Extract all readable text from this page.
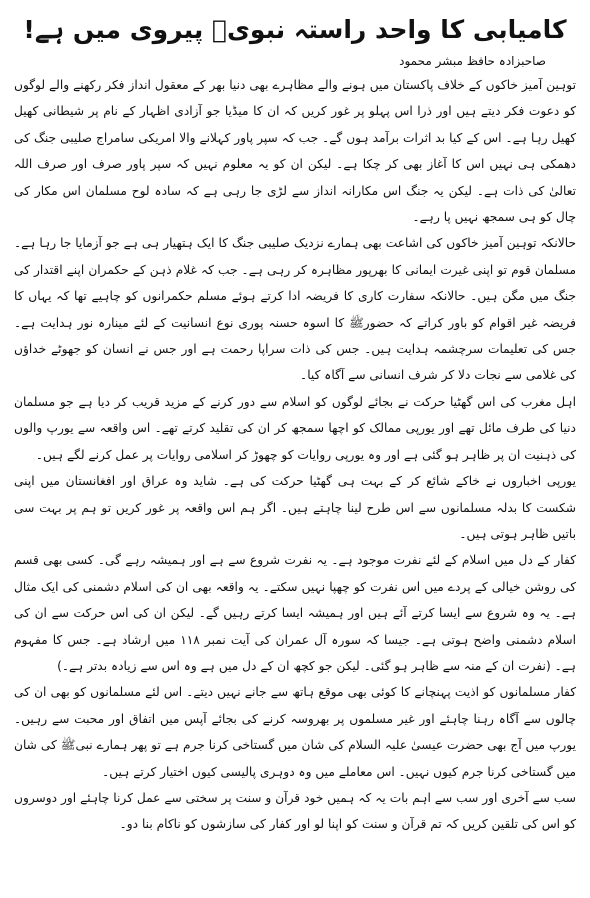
کامیابی کا واحد راستہ نبویؐ پیروی میں ہے!
صاحبزادہ حافظ مبشر محمود

توہین آمیز خاکوں کے خلاف پاکستان میں ہونے والے مظاہرے بھی دنیا بھر کے معقول انداز فکر رکھنے والے لوگوں کو دعوت فکر دیتے ہیں اور ذرا اس پہلو پر غور کریں کہ ان کا میڈیا جو آزادی اظہار کے نام پر شیطانی کھیل کھیل رہا ہے۔ اس کے کیا بد اثرات برآمد ہوں گے۔ جب کہ سپر پاور کہلانے والا امریکی سامراج صلیبی جنگ کی دھمکی ہی نہیں اس کا آغاز بھی کر چکا ہے۔ لیکن ان کو یہ معلوم نہیں کہ سپر پاور صرف اور صرف اللہ تعالیٰ کی ذات ہے۔ لیکن یہ جنگ اس مکارانہ انداز سے لڑی جا رہی ہے کہ سادہ لوح مسلمان اس مکار کی چال کو ہی سمجھ نہیں پا رہے۔

حالانکہ توہین آمیز خاکوں کی اشاعت بھی ہمارے نزدیک صلیبی جنگ کا ایک ہتھیار ہی ہے جو آزمایا جا رہا ہے۔ مسلمان قوم تو اپنی غیرت ایمانی کا بھرپور مظاہرہ کر رہی ہے۔ جب کہ غلام ذہن کے حکمران اپنے اقتدار کی جنگ میں مگن ہیں۔ حالانکہ سفارت کاری کا فریضہ ادا کرتے ہوئے مسلم حکمرانوں کو چاہیے تھا کہ یہاں کا فریضہ غیر اقوام کو باور کراتے کہ حضورﷺ کا اسوہ حسنہ پوری نوع انسانیت کے لئے مینارہ نور ہدایت ہے۔ جس کی تعلیمات سرچشمہ ہدایت ہیں۔ جس کی ذات سراپا رحمت ہے اور جس نے انسان کو جھوٹے خداؤں کی غلامی سے نجات دلا کر شرف انسانی سے آگاہ کیا۔

اہل مغرب کی اس گھٹیا حرکت نے بجائے لوگوں کو اسلام سے دور کرنے کے مزید قریب کر دیا ہے جو مسلمان دنیا کی طرف مائل تھے اور یورپی ممالک کو اچھا سمجھ کر ان کی تقلید کرتے تھے۔ اس واقعہ سے یورپ والوں کی ذہنیت ان پر ظاہر ہو گئی ہے اور وہ یورپی روایات کو چھوڑ کر اسلامی روایات پر عمل کرنے لگے ہیں۔

یورپی اخباروں نے خاکے شائع کر کے بہت ہی گھٹیا حرکت کی ہے۔ شاید وہ عراق اور افغانستان میں اپنی شکست کا بدلہ مسلمانوں سے اس طرح لینا چاہتے ہیں۔ اگر ہم اس واقعہ پر غور کریں تو ہم پر بہت سی باتیں ظاہر ہوتی ہیں۔

کفار کے دل میں اسلام کے لئے نفرت موجود ہے۔ یہ نفرت شروع سے ہے اور ہمیشہ رہے گی۔ کسی بھی قسم کی روشن خیالی کے پردے میں اس نفرت کو چھپا نہیں سکتے۔ یہ واقعہ بھی ان کی اسلام دشمنی کی ایک مثال ہے۔ یہ وہ شروع سے ایسا کرتے آئے ہیں اور ہمیشہ ایسا کرتے رہیں گے۔ لیکن ان کی اس حرکت سے ان کی اسلام دشمنی واضح ہوتی ہے۔ جیسا کہ سورہ آل عمران کی آیت نمبر ۱۱۸ میں ارشاد ہے۔ جس کا مفہوم ہے۔ (نفرت ان کے منہ سے ظاہر ہو گئی۔ لیکن جو کچھ ان کے دل میں ہے وہ اس سے زیادہ بدتر ہے۔)

کفار مسلمانوں کو اذیت پہنچانے کا کوئی بھی موقع ہاتھ سے جانے نہیں دیتے۔ اس لئے مسلمانوں کو بھی ان کی چالوں سے آگاہ رہنا چاہئے اور غیر مسلموں پر بھروسہ کرنے کی بجائے آپس میں اتفاق اور محبت سے رہیں۔ یورپ میں آج بھی حضرت عیسیٰ علیہ السلام کی شان میں گستاخی کرنا جرم ہے تو پھر ہمارے نبیﷺ کی شان میں گستاخی کرنا جرم کیوں نہیں۔ اس معاملے میں وہ دوہری پالیسی کیوں اختیار کرتے ہیں۔

سب سے آخری اور سب سے اہم بات یہ کہ ہمیں خود قرآن و سنت پر سختی سے عمل کرنا چاہئے اور دوسروں کو اس کی تلقین کریں کہ تم قرآن و سنت کو اپنا لو اور کفار کی سازشوں کو ناکام بنا دو۔
